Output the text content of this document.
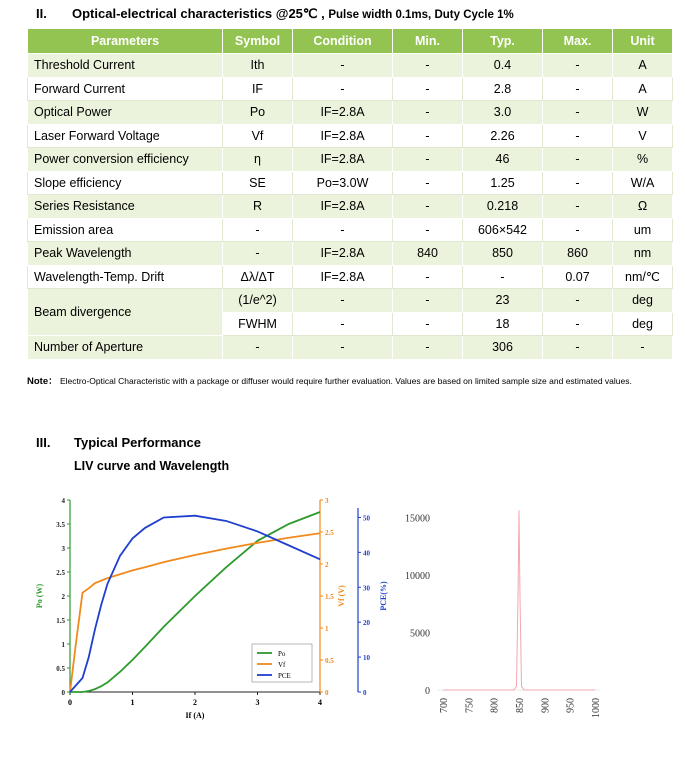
II. Optical-electrical characteristics @25℃ , Pulse width 0.1ms, Duty Cycle 1%
Parameters	Symbol	Condition	Min.	Typ.	Max.	Unit
Threshold Current	Ith	-	-	0.4	-	A
Forward Current	IF	-	-	2.8	-	A
Optical Power	Po	IF=2.8A	-	3.0	-	W
Laser Forward Voltage	Vf	IF=2.8A	-	2.26	-	V
Power conversion efficiency	η	IF=2.8A	-	46	-	%
Slope efficiency	SE	Po=3.0W	-	1.25	-	W/A
Series Resistance	R	IF=2.8A	-	0.218	-	Ω
Emission area	-	-	-	606×542	-	um
Peak Wavelength	-	IF=2.8A	840	850	860	nm
Wavelength-Temp. Drift	Δλ/ΔT	IF=2.8A	-	-	0.07	nm/℃
Beam divergence	(1/e^2)	-	-	23	-	deg
	FWHM	-	-	18	-	deg
Number of Aperture	-	-	-	306	-	-
Note： Electro-Optical Characteristic with a package or diffuser would require further evaluation. Values are based on limited sample size and estimated values.
III. Typical Performance
LIV curve and Wavelength
0	1	2	3	4
If (A)
0
0.5
1
1.5
2
2.5
3
3.5
4
0
0.5
1
1.5
2
2.5
3
0
10
20
30
40
50
Po (W)	Vf (V)	PCE(%)
Po
Vf
PCE
0
5000
10000
15000
700 750 800 850 900 950 1000
